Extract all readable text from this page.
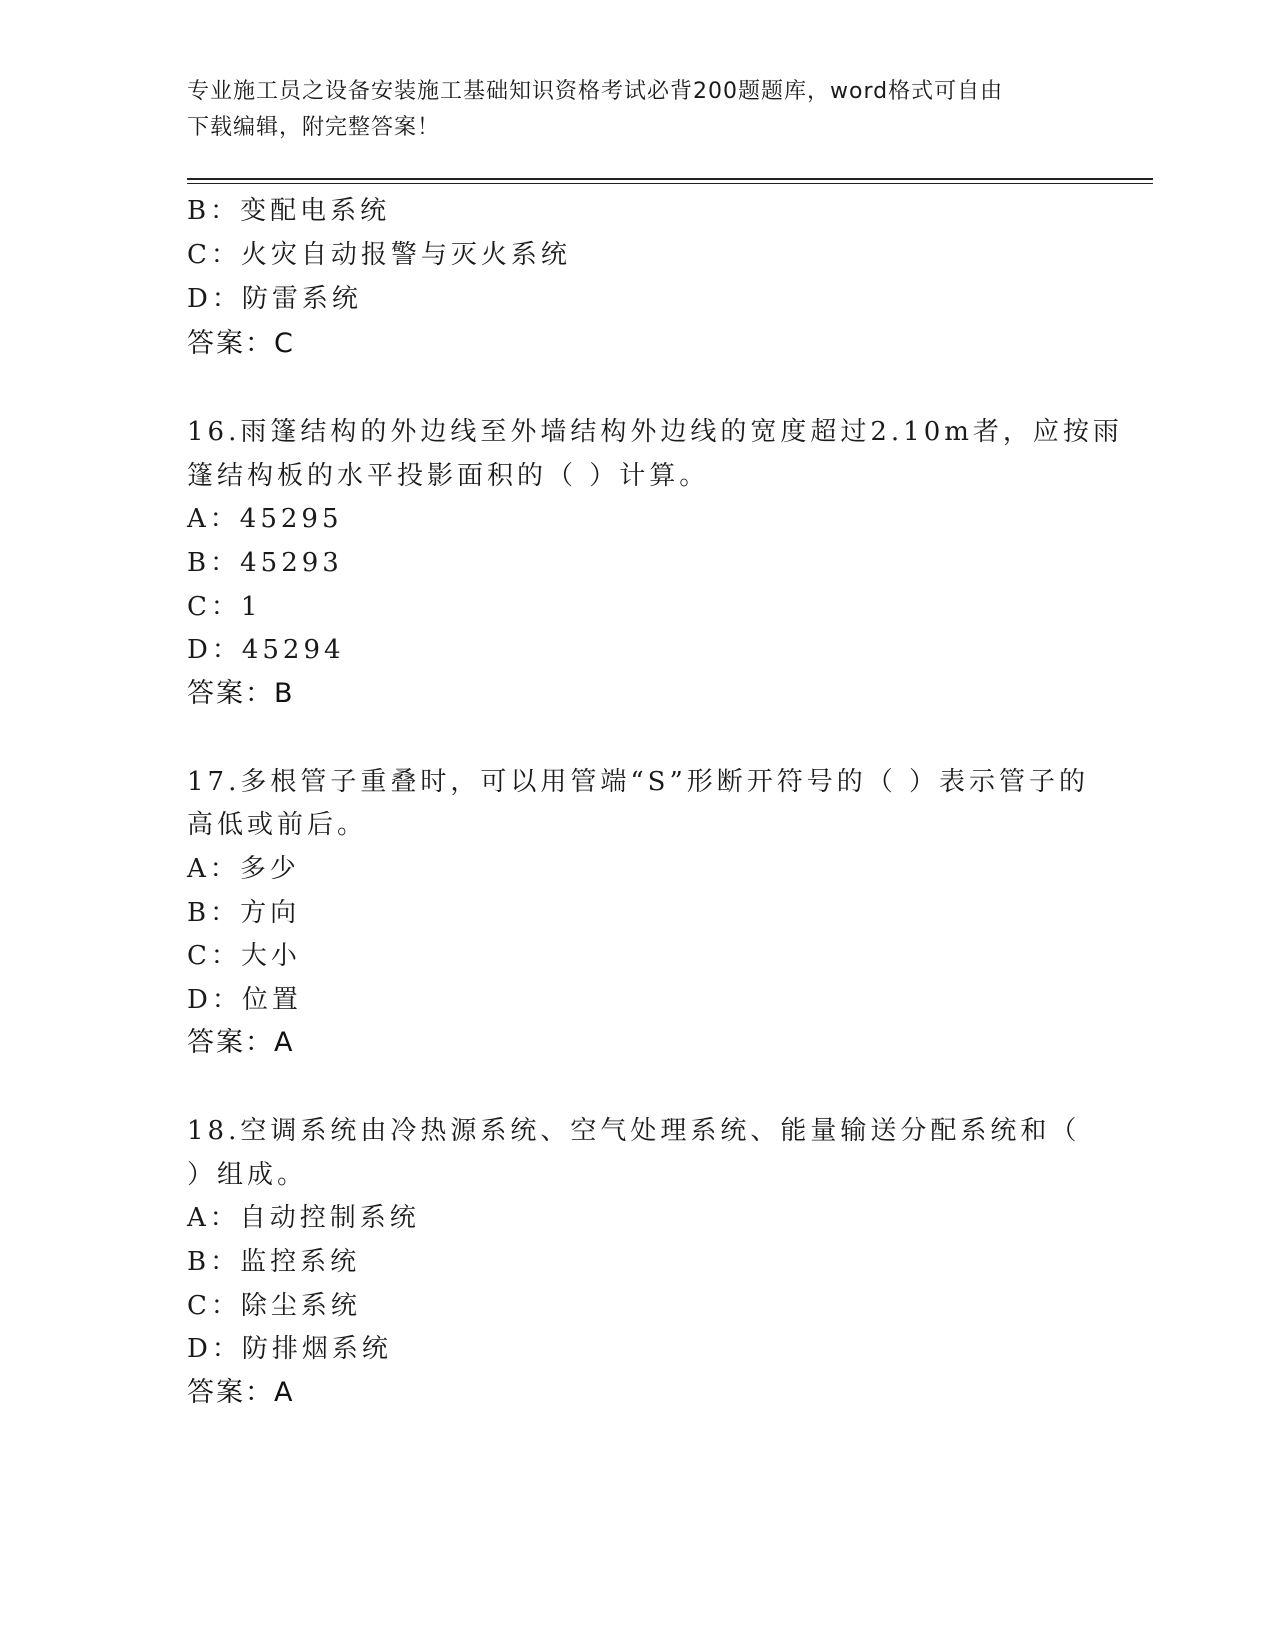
专业施工员之设备安装施工基础知识资格考试必背200题题库，word格式可自由
下载编辑，附完整答案！
B：变配电系统
C：火灾自动报警与灭火系统
D：防雷系统
答案：C
16.雨篷结构的外边线至外墙结构外边线的宽度超过2.10m者，应按雨
篷结构板的水平投影面积的（ ）计算。
A：45295
B：45293
C：1
D：45294
答案：B
17.多根管子重叠时，可以用管端“S”形断开符号的（ ）表示管子的
高低或前后。
A：多少
B：方向
C：大小
D：位置
答案：A
18.空调系统由冷热源系统、空气处理系统、能量输送分配系统和（
）组成。
A：自动控制系统
B：监控系统
C：除尘系统
D：防排烟系统
答案：A
